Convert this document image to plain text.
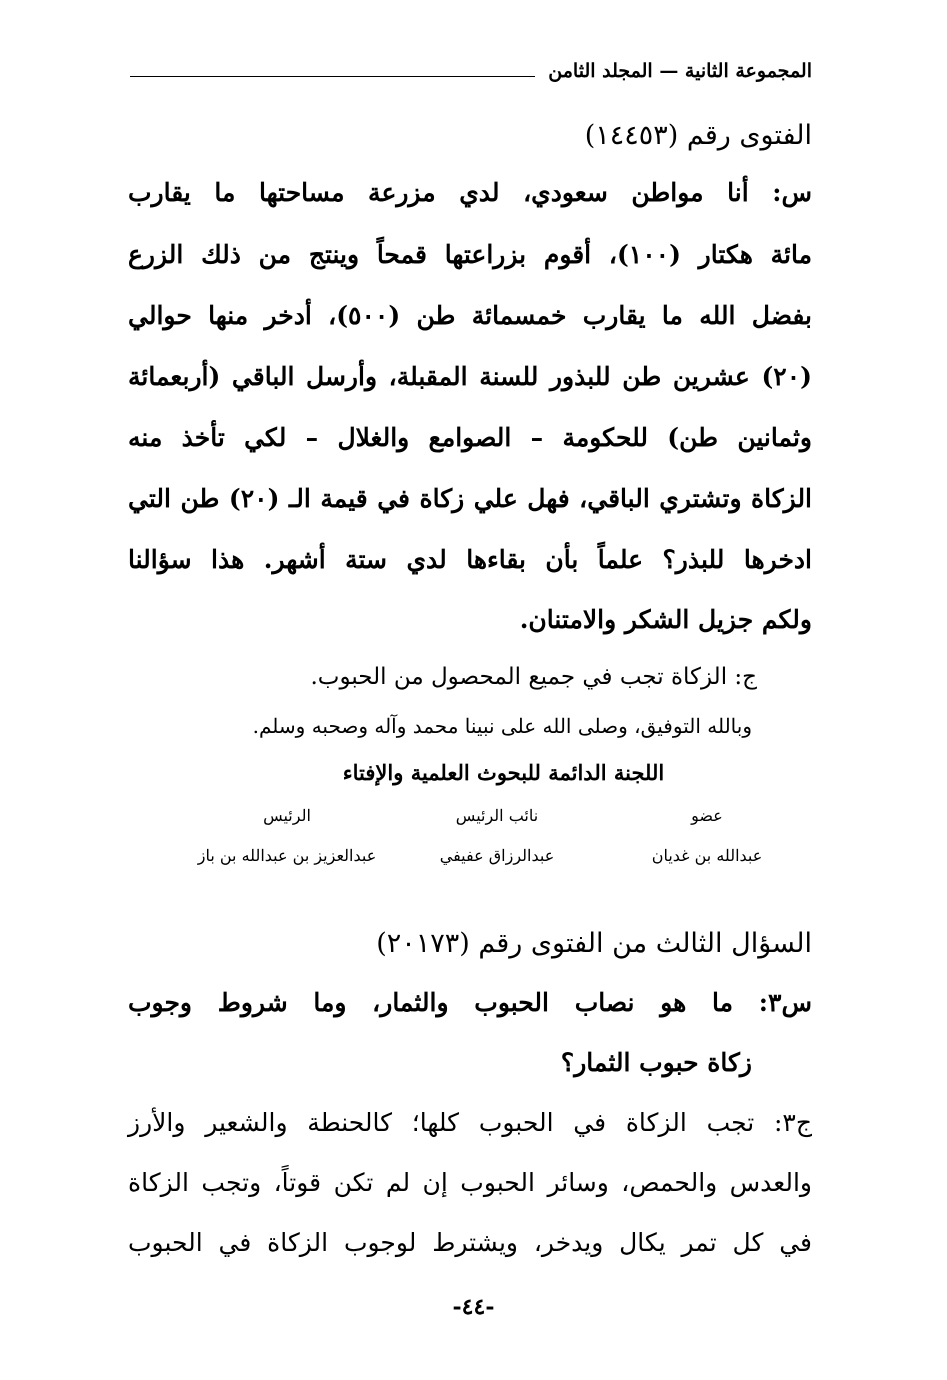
المجموعة الثانية — المجلد الثامن
الفتوى رقم (١٤٤٥٣)
س: أنا مواطن سعودي، لدي مزرعة مساحتها ما يقارب
مائة هكتار (١٠٠)، أقوم بزراعتها قمحاً وينتج من ذلك الزرع
بفضل الله ما يقارب خمسمائة طن (٥٠٠)، أدخر منها حوالي
(٢٠) عشرين طن للبذور للسنة المقبلة، وأرسل الباقي (أربعمائة
وثمانين طن) للحكومة – الصوامع والغلال – لكي تأخذ منه
الزكاة وتشتري الباقي، فهل علي زكاة في قيمة الـ (٢٠) طن التي
ادخرها للبذر؟ علماً بأن بقاءها لدي ستة أشهر. هذا سؤالنا
ولكم جزيل الشكر والامتنان.
ج: الزكاة تجب في جميع المحصول من الحبوب.
وبالله التوفيق، وصلى الله على نبينا محمد وآله وصحبه وسلم.
اللجنة الدائمة للبحوث العلمية والإفتاء
عضو
نائب الرئيس
الرئيس
عبدالله بن غديان
عبدالرزاق عفيفي
عبدالعزيز بن عبدالله بن باز
السؤال الثالث من الفتوى رقم (٢٠١٧٣)
س٣: ما هو نصاب الحبوب والثمار، وما شروط وجوب
زكاة حبوب الثمار؟
ج٣: تجب الزكاة في الحبوب كلها؛ كالحنطة والشعير والأرز
والعدس والحمص، وسائر الحبوب إن لم تكن قوتاً، وتجب الزكاة
في كل تمر يكال ويدخر، ويشترط لوجوب الزكاة في الحبوب
-٤٤-
